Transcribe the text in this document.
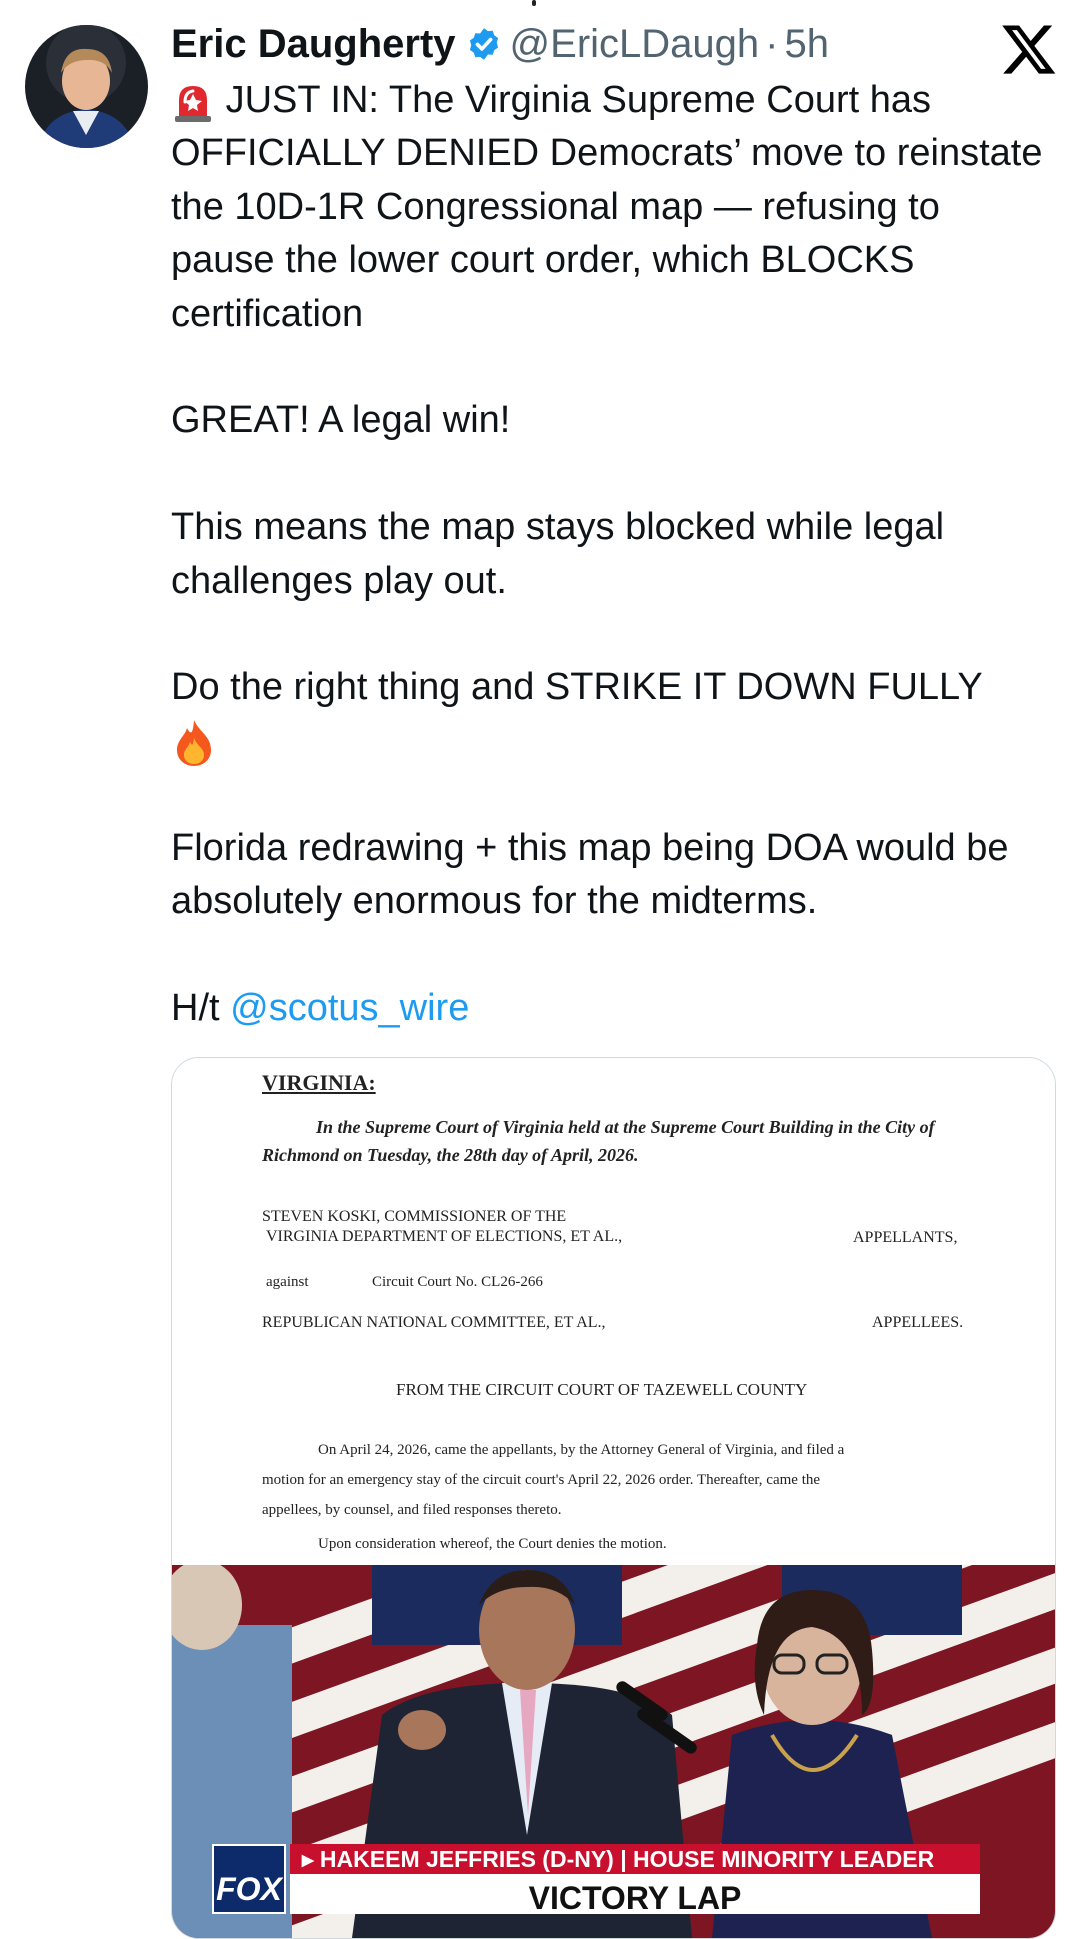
Eric Daugherty @EricLDaugh · 5h

JUST IN: The Virginia Supreme Court has OFFICIALLY DENIED Democrats’ move to reinstate the 10D-1R Congressional map — refusing to pause the lower court order, which BLOCKS certification

GREAT! A legal win!

This means the map stays blocked while legal challenges play out.

Do the right thing and STRIKE IT DOWN FULLY

Florida redrawing + this map being DOA would be absolutely enormous for the midterms.

H/t @scotus_wire

VIRGINIA:
In the Supreme Court of Virginia held at the Supreme Court Building in the City of Richmond on Tuesday, the 28th day of April, 2026.
STEVEN KOSKI, COMMISSIONER OF THE
VIRGINIA DEPARTMENT OF ELECTIONS, ET AL.,	APPELLANTS,
against	Circuit Court No. CL26-266
REPUBLICAN NATIONAL COMMITTEE, ET AL.,	APPELLEES.
FROM THE CIRCUIT COURT OF TAZEWELL COUNTY
On April 24, 2026, came the appellants, by the Attorney General of Virginia, and filed a
motion for an emergency stay of the circuit court's April 22, 2026 order. Thereafter, came the
appellees, by counsel, and filed responses thereto.
Upon consideration whereof, the Court denies the motion.
FOX
▸ HAKEEM JEFFRIES (D-NY) | HOUSE MINORITY LEADER
VICTORY LAP
